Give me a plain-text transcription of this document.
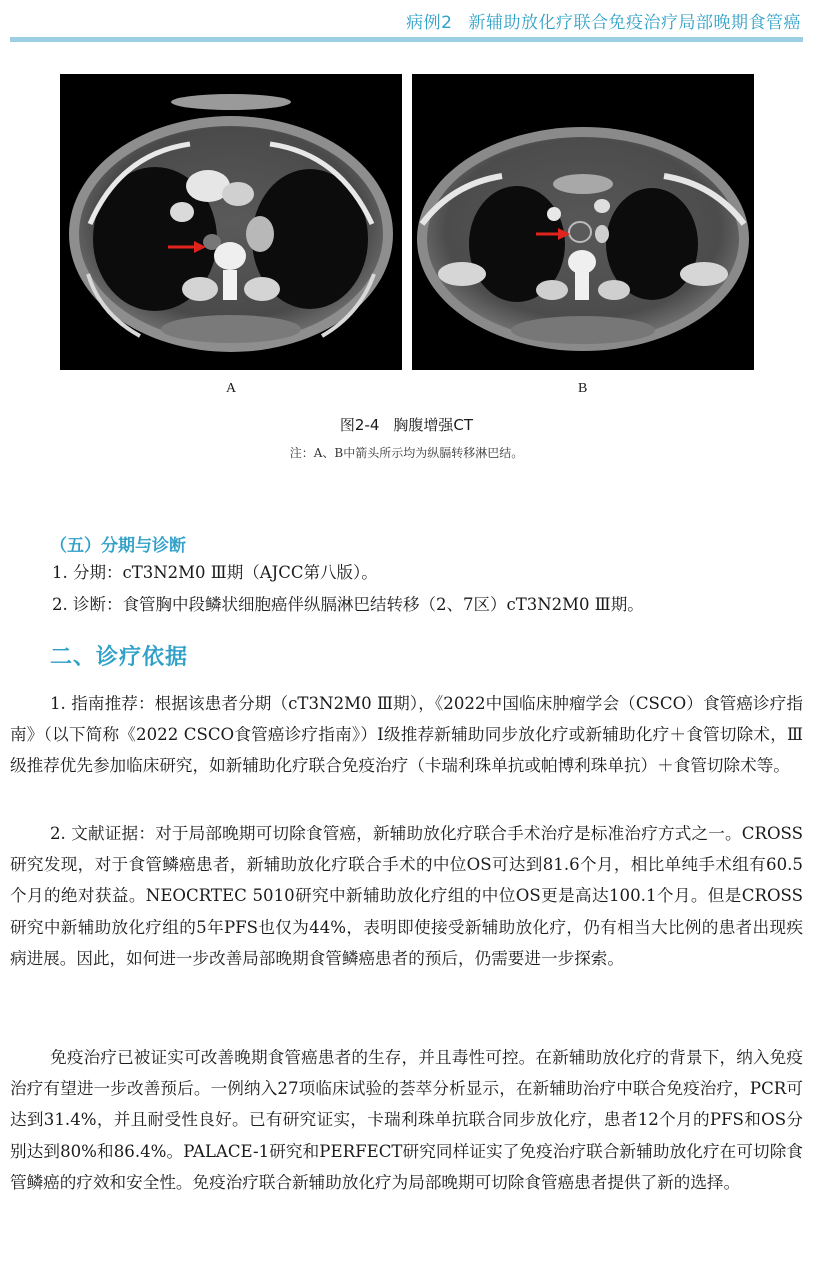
病例2 新辅助放化疗联合免疫治疗局部晚期食管癌
A	B
图2-4 胸腹增强CT
注：A、B中箭头所示均为纵膈转移淋巴结。
（五）分期与诊断
1. 分期：cT3N2M0 Ⅲ期（AJCC第八版）。
2. 诊断：食管胸中段鳞状细胞癌伴纵膈淋巴结转移（2、7区）cT3N2M0 Ⅲ期。
二、诊疗依据
1. 指南推荐：根据该患者分期（cT3N2M0 Ⅲ期），《2022中国临床肿瘤学会（CSCO）食管癌诊疗指南》（以下简称《2022 CSCO食管癌诊疗指南》）Ⅰ级推荐新辅助同步放化疗或新辅助化疗＋食管切除术，Ⅲ级推荐优先参加临床研究，如新辅助化疗联合免疫治疗（卡瑞利珠单抗或帕博利珠单抗）＋食管切除术等。
2. 文献证据：对于局部晚期可切除食管癌，新辅助放化疗联合手术治疗是标准治疗方式之一。CROSS研究发现，对于食管鳞癌患者，新辅助放化疗联合手术的中位OS可达到81.6个月，相比单纯手术组有60.5个月的绝对获益。NEOCRTEC 5010研究中新辅助放化疗组的中位OS更是高达100.1个月。但是CROSS研究中新辅助放化疗组的5年PFS也仅为44%，表明即使接受新辅助放化疗，仍有相当大比例的患者出现疾病进展。因此，如何进一步改善局部晚期食管鳞癌患者的预后，仍需要进一步探索。
免疫治疗已被证实可改善晚期食管癌患者的生存，并且毒性可控。在新辅助放化疗的背景下，纳入免疫治疗有望进一步改善预后。一例纳入27项临床试验的荟萃分析显示，在新辅助治疗中联合免疫治疗，PCR可达到31.4%，并且耐受性良好。已有研究证实，卡瑞利珠单抗联合同步放化疗，患者12个月的PFS和OS分别达到80%和86.4%。PALACE-1研究和PERFECT研究同样证实了免疫治疗联合新辅助放化疗在可切除食管鳞癌的疗效和安全性。免疫治疗联合新辅助放化疗为局部晚期可切除食管癌患者提供了新的选择。
